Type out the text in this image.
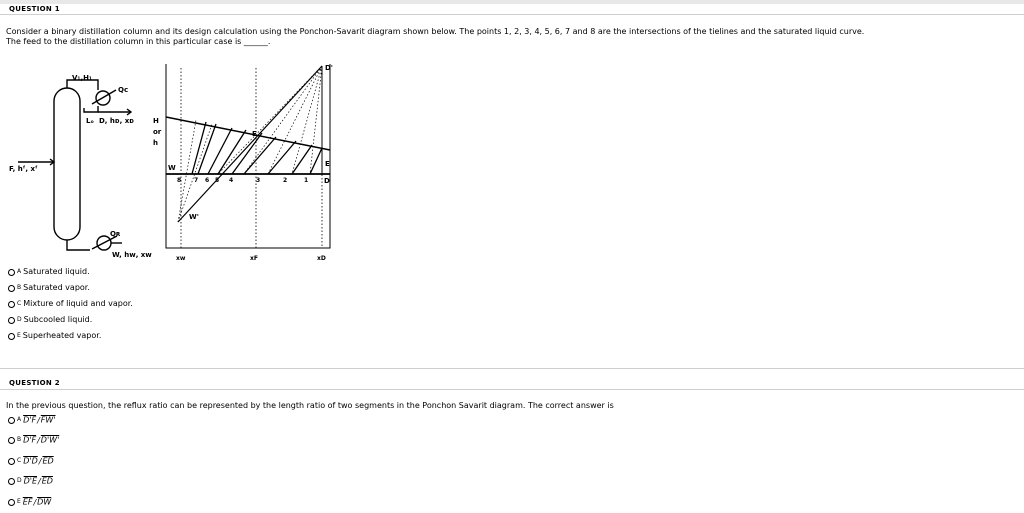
QUESTION 1
Consider a binary distillation column and its design calculation using the Ponchon-Savarit diagram shown below. The points 1, 2, 3, 4, 5, 6, 7 and 8 are the intersections of the tielines and the saturated liquid curve.
The feed to the distillation column in this particular case is ______.
V₁,H₁
Qc
Lₒ D, hᴅ, xᴅ
F, hᶠ, xᶠ
Qʀ
W, hᴡ, xᴡ
H
or
h
D'
E
E
W
W'
D
8 7 6 5 4	3	2	1
xw	xF	xD
A Saturated liquid.
B Saturated vapor.
C Mixture of liquid and vapor.
D Subcooled liquid.
E Superheated vapor.
QUESTION 2
In the previous question, the reflux ratio can be represented by the length ratio of two segments in the Ponchon Savarit diagram. The correct answer is
A D'F/FW'
B D'F/D'W'
C $D'D/\overline{ED}$
D $D'E/\overline{ED}$
E $\overline{EF}/\overline{DW}$
